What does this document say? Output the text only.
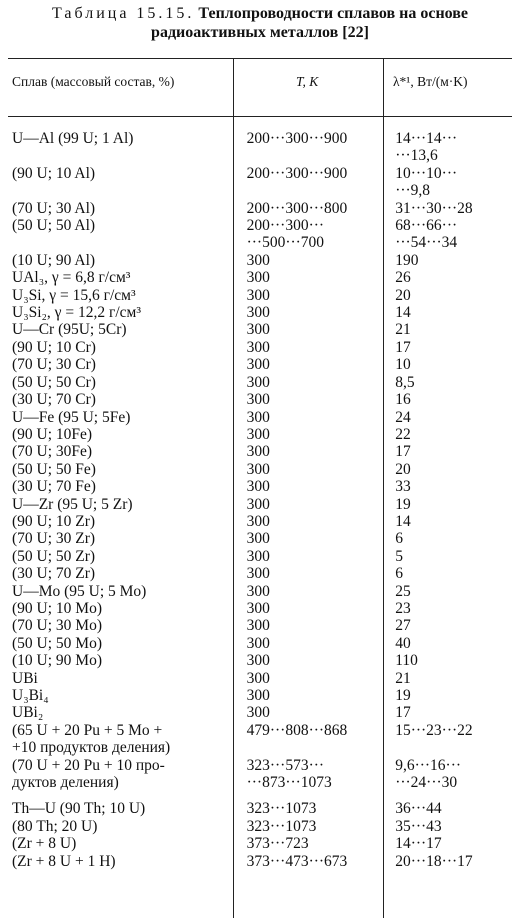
Таблица 15.15. Теплопроводности сплавов на основе
радиоактивных металлов [22]
Сплав (массовый состав, %)	T, K	λ*¹, Вт/(м·K)
U—Al (99 U; 1 Al)	200···300···900	14···14···
		···13,6
(90 U; 10 Al)	200···300···900	10···10···
		···9,8
(70 U; 30 Al)	200···300···800	31···30···28
(50 U; 50 Al)	200···300···	68···66···
	···500···700	···54···34
(10 U; 90 Al)	300	190
UAl₃, γ = 6,8 г/см³	300	26
U₃Si, γ = 15,6 г/см³	300	20
U₃Si₂, γ = 12,2 г/см³	300	14
U—Cr (95U; 5Cr)	300	21
(90 U; 10 Cr)	300	17
(70 U; 30 Cr)	300	10
(50 U; 50 Cr)	300	8,5
(30 U; 70 Cr)	300	16
U—Fe (95 U; 5Fe)	300	24
(90 U; 10Fe)	300	22
(70 U; 30Fe)	300	17
(50 U; 50 Fe)	300	20
(30 U; 70 Fe)	300	33
U—Zr (95 U; 5 Zr)	300	19
(90 U; 10 Zr)	300	14
(70 U; 30 Zr)	300	6
(50 U; 50 Zr)	300	5
(30 U; 70 Zr)	300	6
U—Mo (95 U; 5 Mo)	300	25
(90 U; 10 Mo)	300	23
(70 U; 30 Mo)	300	27
(50 U; 50 Mo)	300	40
(10 U; 90 Mo)	300	110
UBi	300	21
U₃Bi₄	300	19
UBi₂	300	17
(65 U + 20 Pu + 5 Mo +	479···808···868	15···23···22
+10 продуктов деления)		
(70 U + 20 Pu + 10 про-	323···573···	9,6···16···
дуктов деления)	···873···1073	···24···30

Th—U (90 Th; 10 U)	323···1073	36···44
(80 Th; 20 U)	323···1073	35···43
(Zr + 8 U)	373···723	14···17
(Zr + 8 U + 1 H)	373···473···673	20···18···17
